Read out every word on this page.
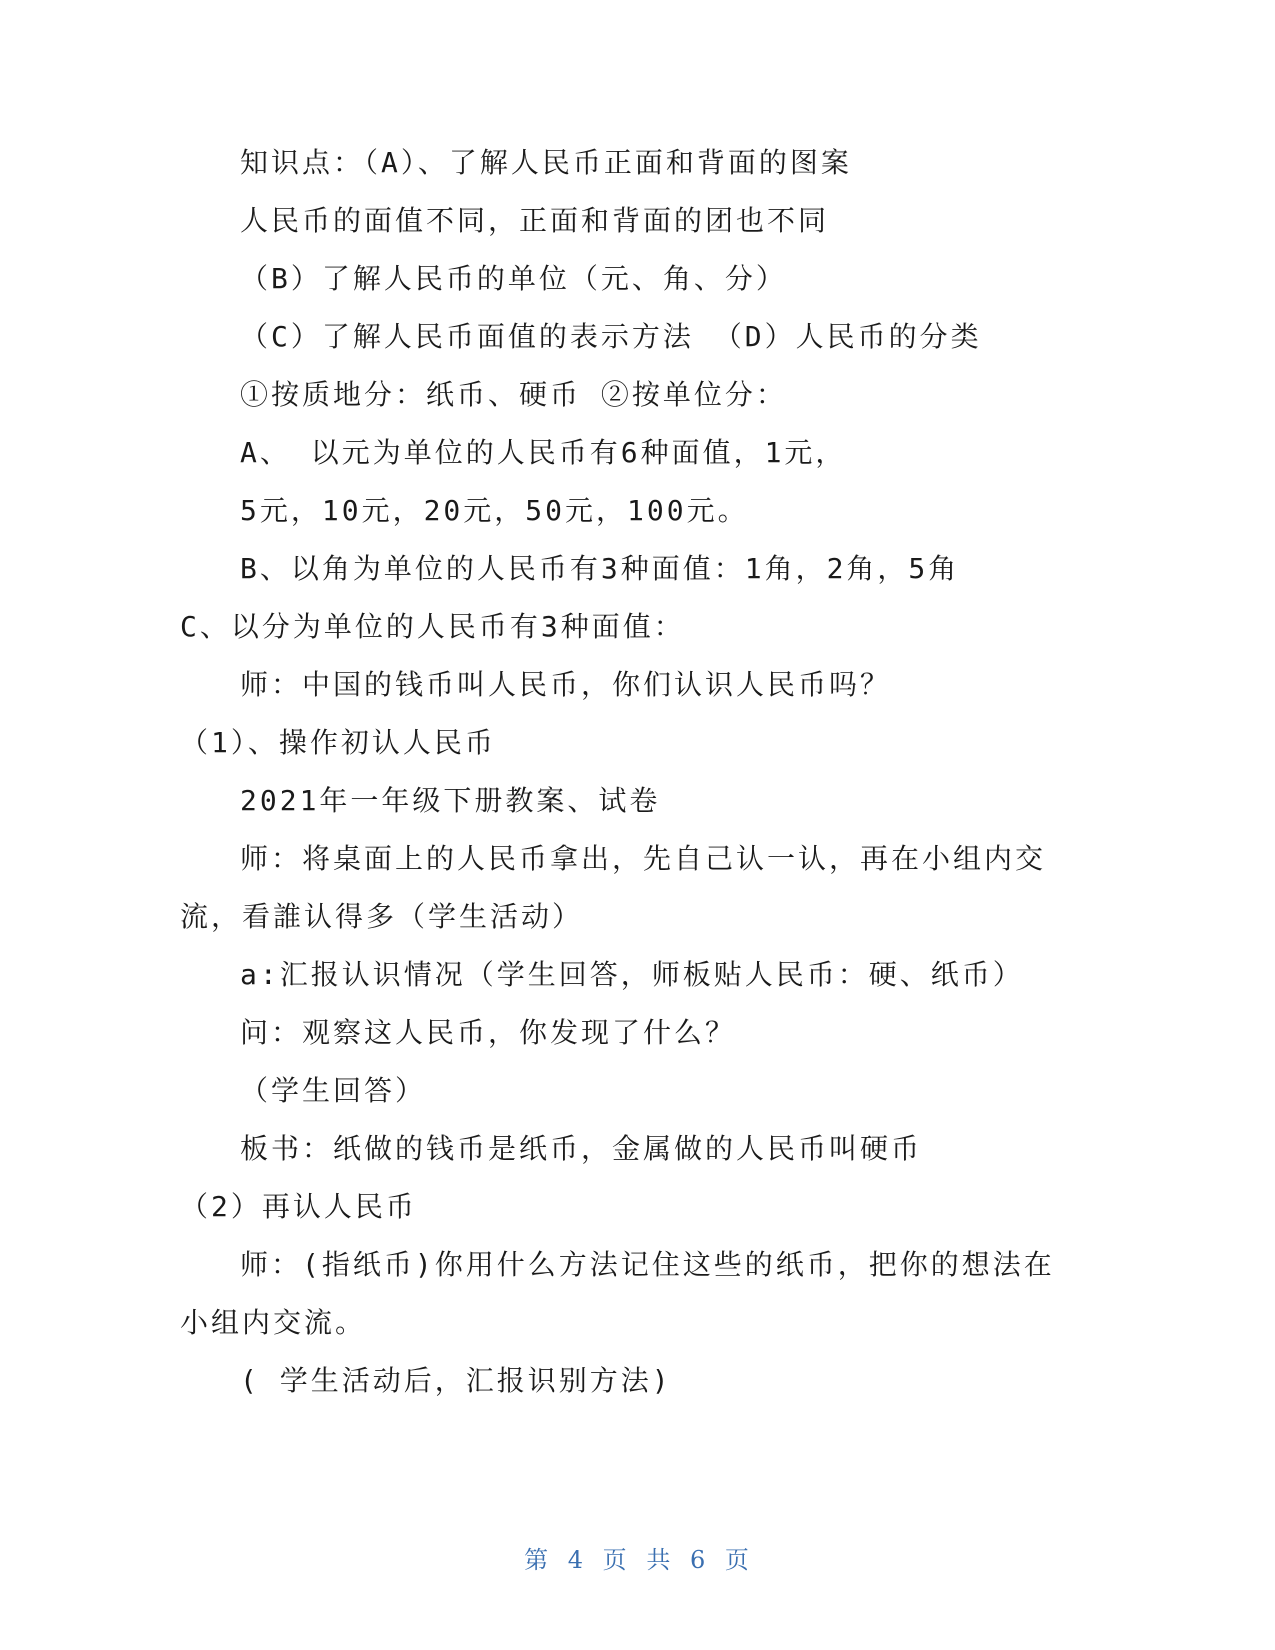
知识点：（A）、了解人民币正面和背面的图案
人民币的面值不同，正面和背面的团也不同
（B）了解人民币的单位（元、角、分）
（C）了解人民币面值的表示方法 （D）人民币的分类
①按质地分：纸币、硬币 ②按单位分：
A、 以元为单位的人民币有6种面值，1元，
5元，10元，20元，50元，100元。
B、以角为单位的人民币有3种面值：1角，2角，5角
C、以分为单位的人民币有3种面值：
师：中国的钱币叫人民币，你们认识人民币吗？
（1）、操作初认人民币
2021年一年级下册教案、试卷
师：将桌面上的人民币拿出，先自己认一认，再在小组内交
流，看誰认得多（学生活动）
a:汇报认识情况（学生回答，师板贴人民币：硬、纸币）
问：观察这人民币，你发现了什么？
（学生回答）
板书：纸做的钱币是纸币，金属做的人民币叫硬币
（2）再认人民币
师：(指纸币)你用什么方法记住这些的纸币，把你的想法在
小组内交流。
( 学生活动后，汇报识别方法)
第 4 页 共 6 页
